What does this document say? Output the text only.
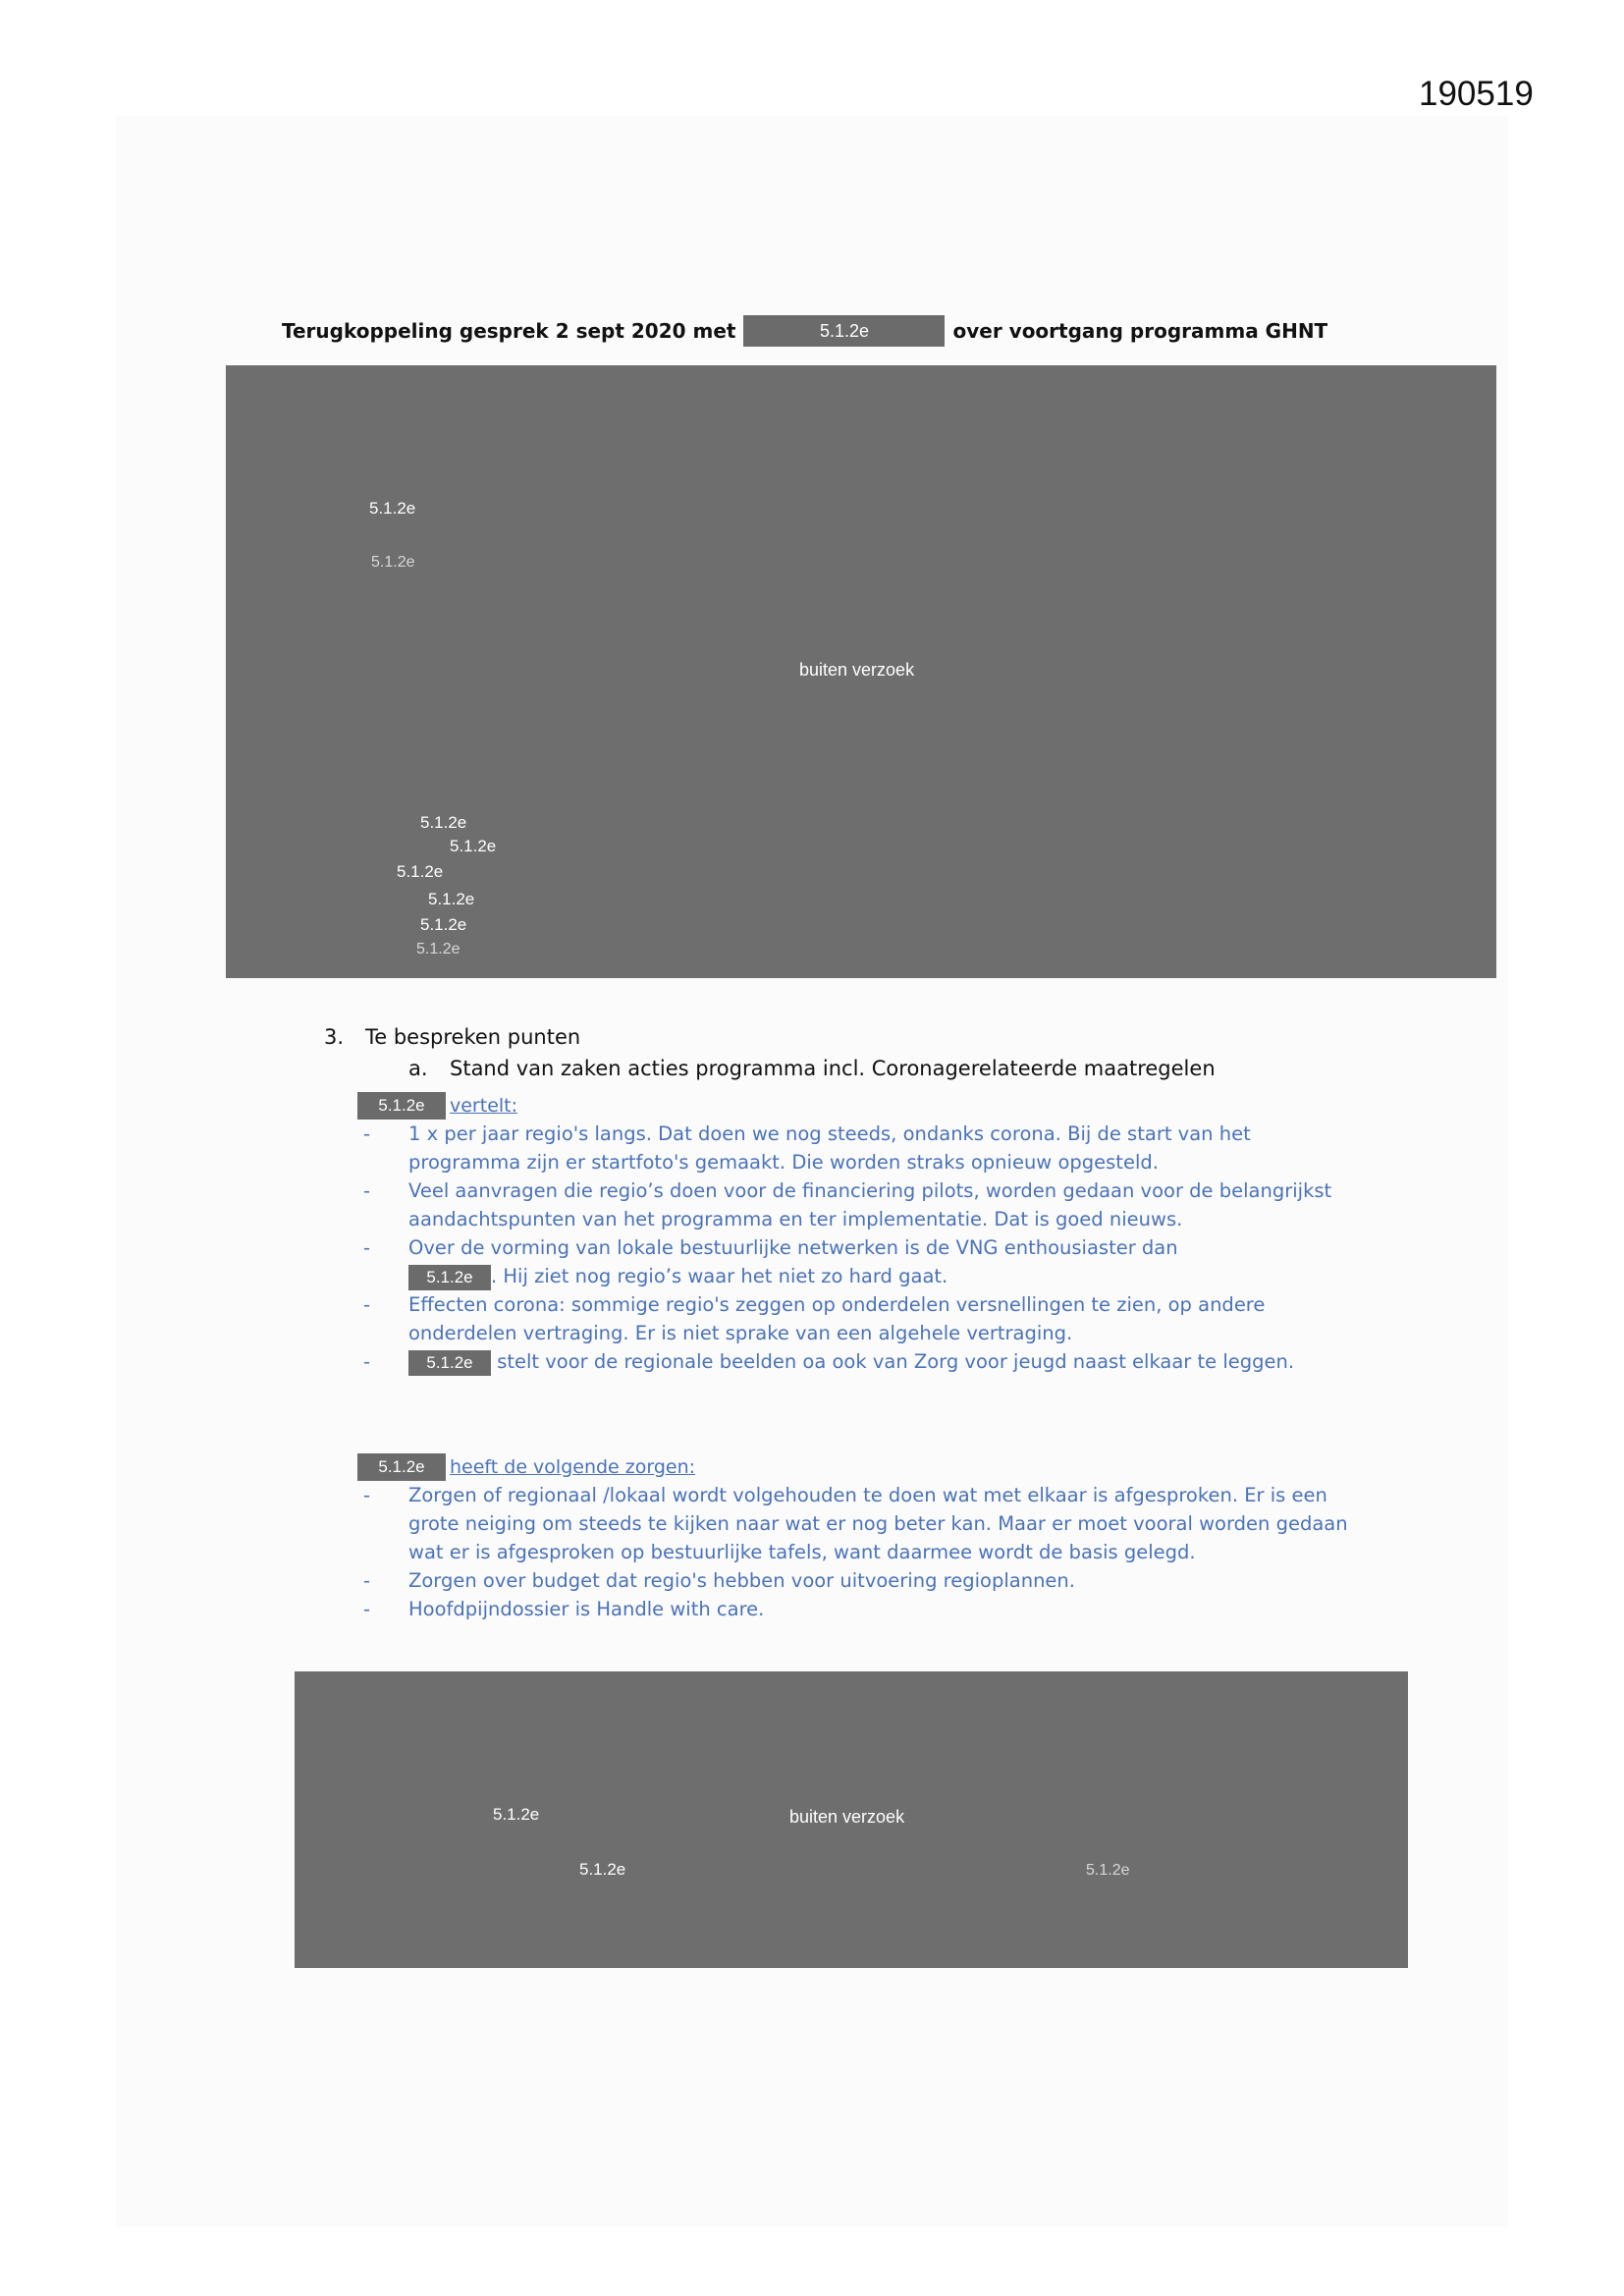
190519
Terugkoppeling gesprek 2 sept 2020 met	5.1.2e	over voortgang programma GHNT
5.1.2e
5.1.2e
buiten verzoek
5.1.2e
5.1.2e
5.1.2e
5.1.2e
5.1.2e
5.1.2e
3. Te bespreken punten
a. Stand van zaken acties programma incl. Coronagerelateerde maatregelen
5.1.2e	vertelt:
- 1 x per jaar regio's langs. Dat doen we nog steeds, ondanks corona. Bij de start van het programma zijn er startfoto's gemaakt. Die worden straks opnieuw opgesteld.
- Veel aanvragen die regio’s doen voor de financiering pilots, worden gedaan voor de belangrijkst aandachtspunten van het programma en ter implementatie. Dat is goed nieuws.
- Over de vorming van lokale bestuurlijke netwerken is de VNG enthousiaster dan
5.1.2e . Hij ziet nog regio’s waar het niet zo hard gaat.
- Effecten corona: sommige regio's zeggen op onderdelen versnellingen te zien, op andere onderdelen vertraging. Er is niet sprake van een algehele vertraging.
-	5.1.2e stelt voor de regionale beelden oa ook van Zorg voor jeugd naast elkaar te leggen.
5.1.2e	heeft de volgende zorgen:
- Zorgen of regionaal /lokaal wordt volgehouden te doen wat met elkaar is afgesproken. Er is een grote neiging om steeds te kijken naar wat er nog beter kan. Maar er moet vooral worden gedaan wat er is afgesproken op bestuurlijke tafels, want daarmee wordt de basis gelegd.
- Zorgen over budget dat regio's hebben voor uitvoering regioplannen.
- Hoofdpijndossier is Handle with care.
5.1.2e	buiten verzoek
5.1.2e	5.1.2e
